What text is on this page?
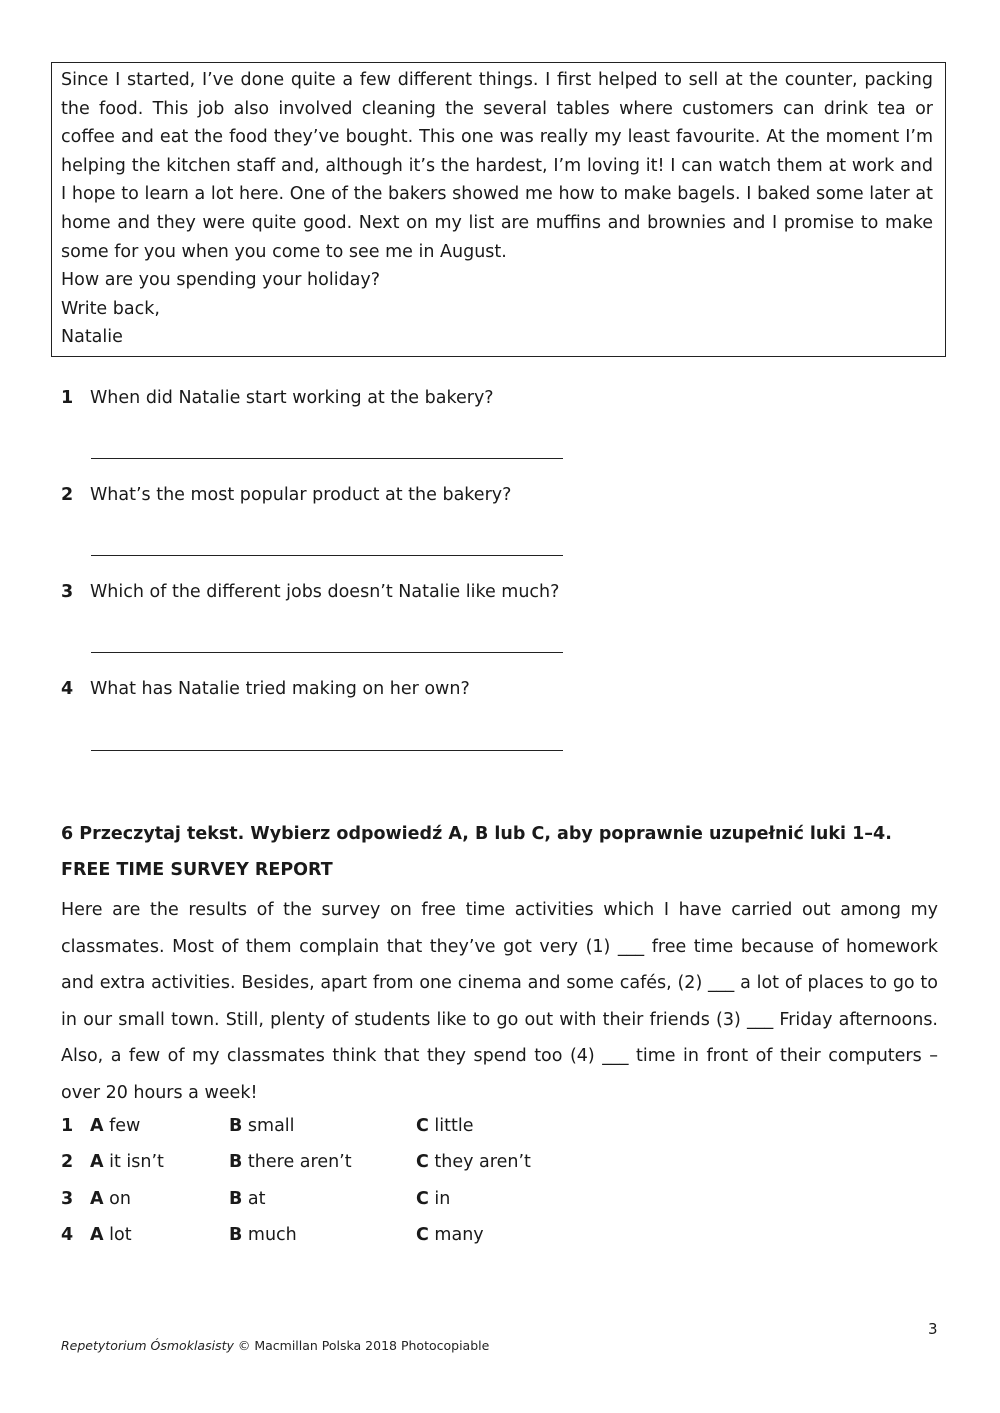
Since I started, I’ve done quite a few different things. I first helped to sell at the counter, packing the food. This job also involved cleaning the several tables where customers can drink tea or coffee and eat the food they’ve bought. This one was really my least favourite. At the moment I’m helping the kitchen staff and, although it’s the hardest, I’m loving it! I can watch them at work and I hope to learn a lot here. One of the bakers showed me how to make bagels. I baked some later at home and they were quite good. Next on my list are muffins and brownies and I promise to make some for you when you come to see me in August.

How are you spending your holiday?

Write back,

Natalie

1 When did Natalie start working at the bakery?
2 What’s the most popular product at the bakery?
3 Which of the different jobs doesn’t Natalie like much?
4 What has Natalie tried making on her own?
6 Przeczytaj tekst. Wybierz odpowiedź A, B lub C, aby poprawnie uzupełnić luki 1–4.
FREE TIME SURVEY REPORT

Here are the results of the survey on free time activities which I have carried out among my classmates. Most of them complain that they’ve got very (1) ___ free time because of homework and extra activities. Besides, apart from one cinema and some cafés, (2) ___ a lot of places to go to in our small town. Still, plenty of students like to go out with their friends (3) ___ Friday afternoons. Also, a few of my classmates think that they spend too (4) ___ time in front of their computers – over 20 hours a week!

1 A few	B small	C little
2 A it isn’t	B there aren’t	C they aren’t
3 A on	B at	C in
4 A lot	B much	C many
3
Repetytorium Ósmoklasisty © Macmillan Polska 2018 Photocopiable
